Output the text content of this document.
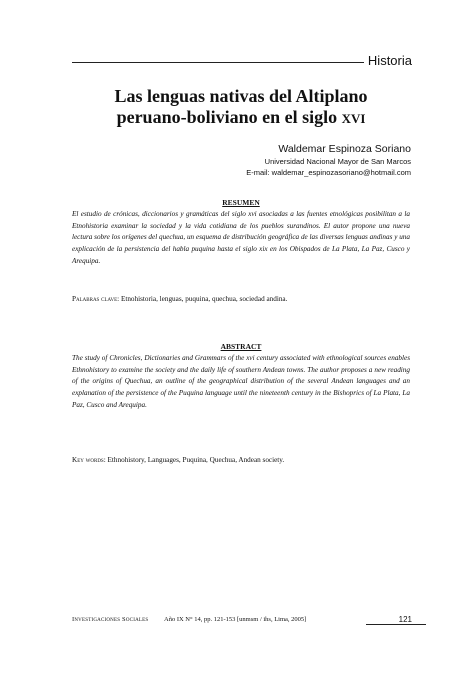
Historia
Las lenguas nativas del Altiplano
peruano-boliviano en el siglo xvi
Waldemar Espinoza Soriano
Universidad Nacional Mayor de San Marcos
E-mail: waldemar_espinozasoriano@hotmail.com
RESUMEN
El estudio de crónicas, diccionarios y gramáticas del siglo xvi asociadas a las fuentes etnológicas posibilitan a la Etnohistoria examinar la sociedad y la vida cotidiana de los pueblos surandinos. El autor propone una nueva lectura sobre los orígenes del quechua, un esquema de distribución geográfica de las diversas lenguas andinas y una explicación de la persistencia del habla puquina hasta el siglo xix en los Obispados de La Plata, La Paz, Cusco y Arequipa.
Palabras clave: Etnohistoria, lenguas, puquina, quechua, sociedad andina.
ABSTRACT
The study of Chronicles, Dictionaries and Grammars of the xvi century associated with ethnological sources enables Ethnohistory to examine the society and the daily life of southern Andean towns. The author proposes a new reading of the origins of Quechua, an outline of the geographical distribution of the several Andean languages and an explanation of the persistence of the Puquina language until the nineteenth century in the Bishoprics of La Plata, La Paz, Cusco and Arequipa.
Key words: Ethnohistory, Languages, Puquina, Quechua, Andean society.
Investigaciones Sociales Año IX N° 14, pp. 121-153 [unmsm / ihs, Lima, 2005]	121
